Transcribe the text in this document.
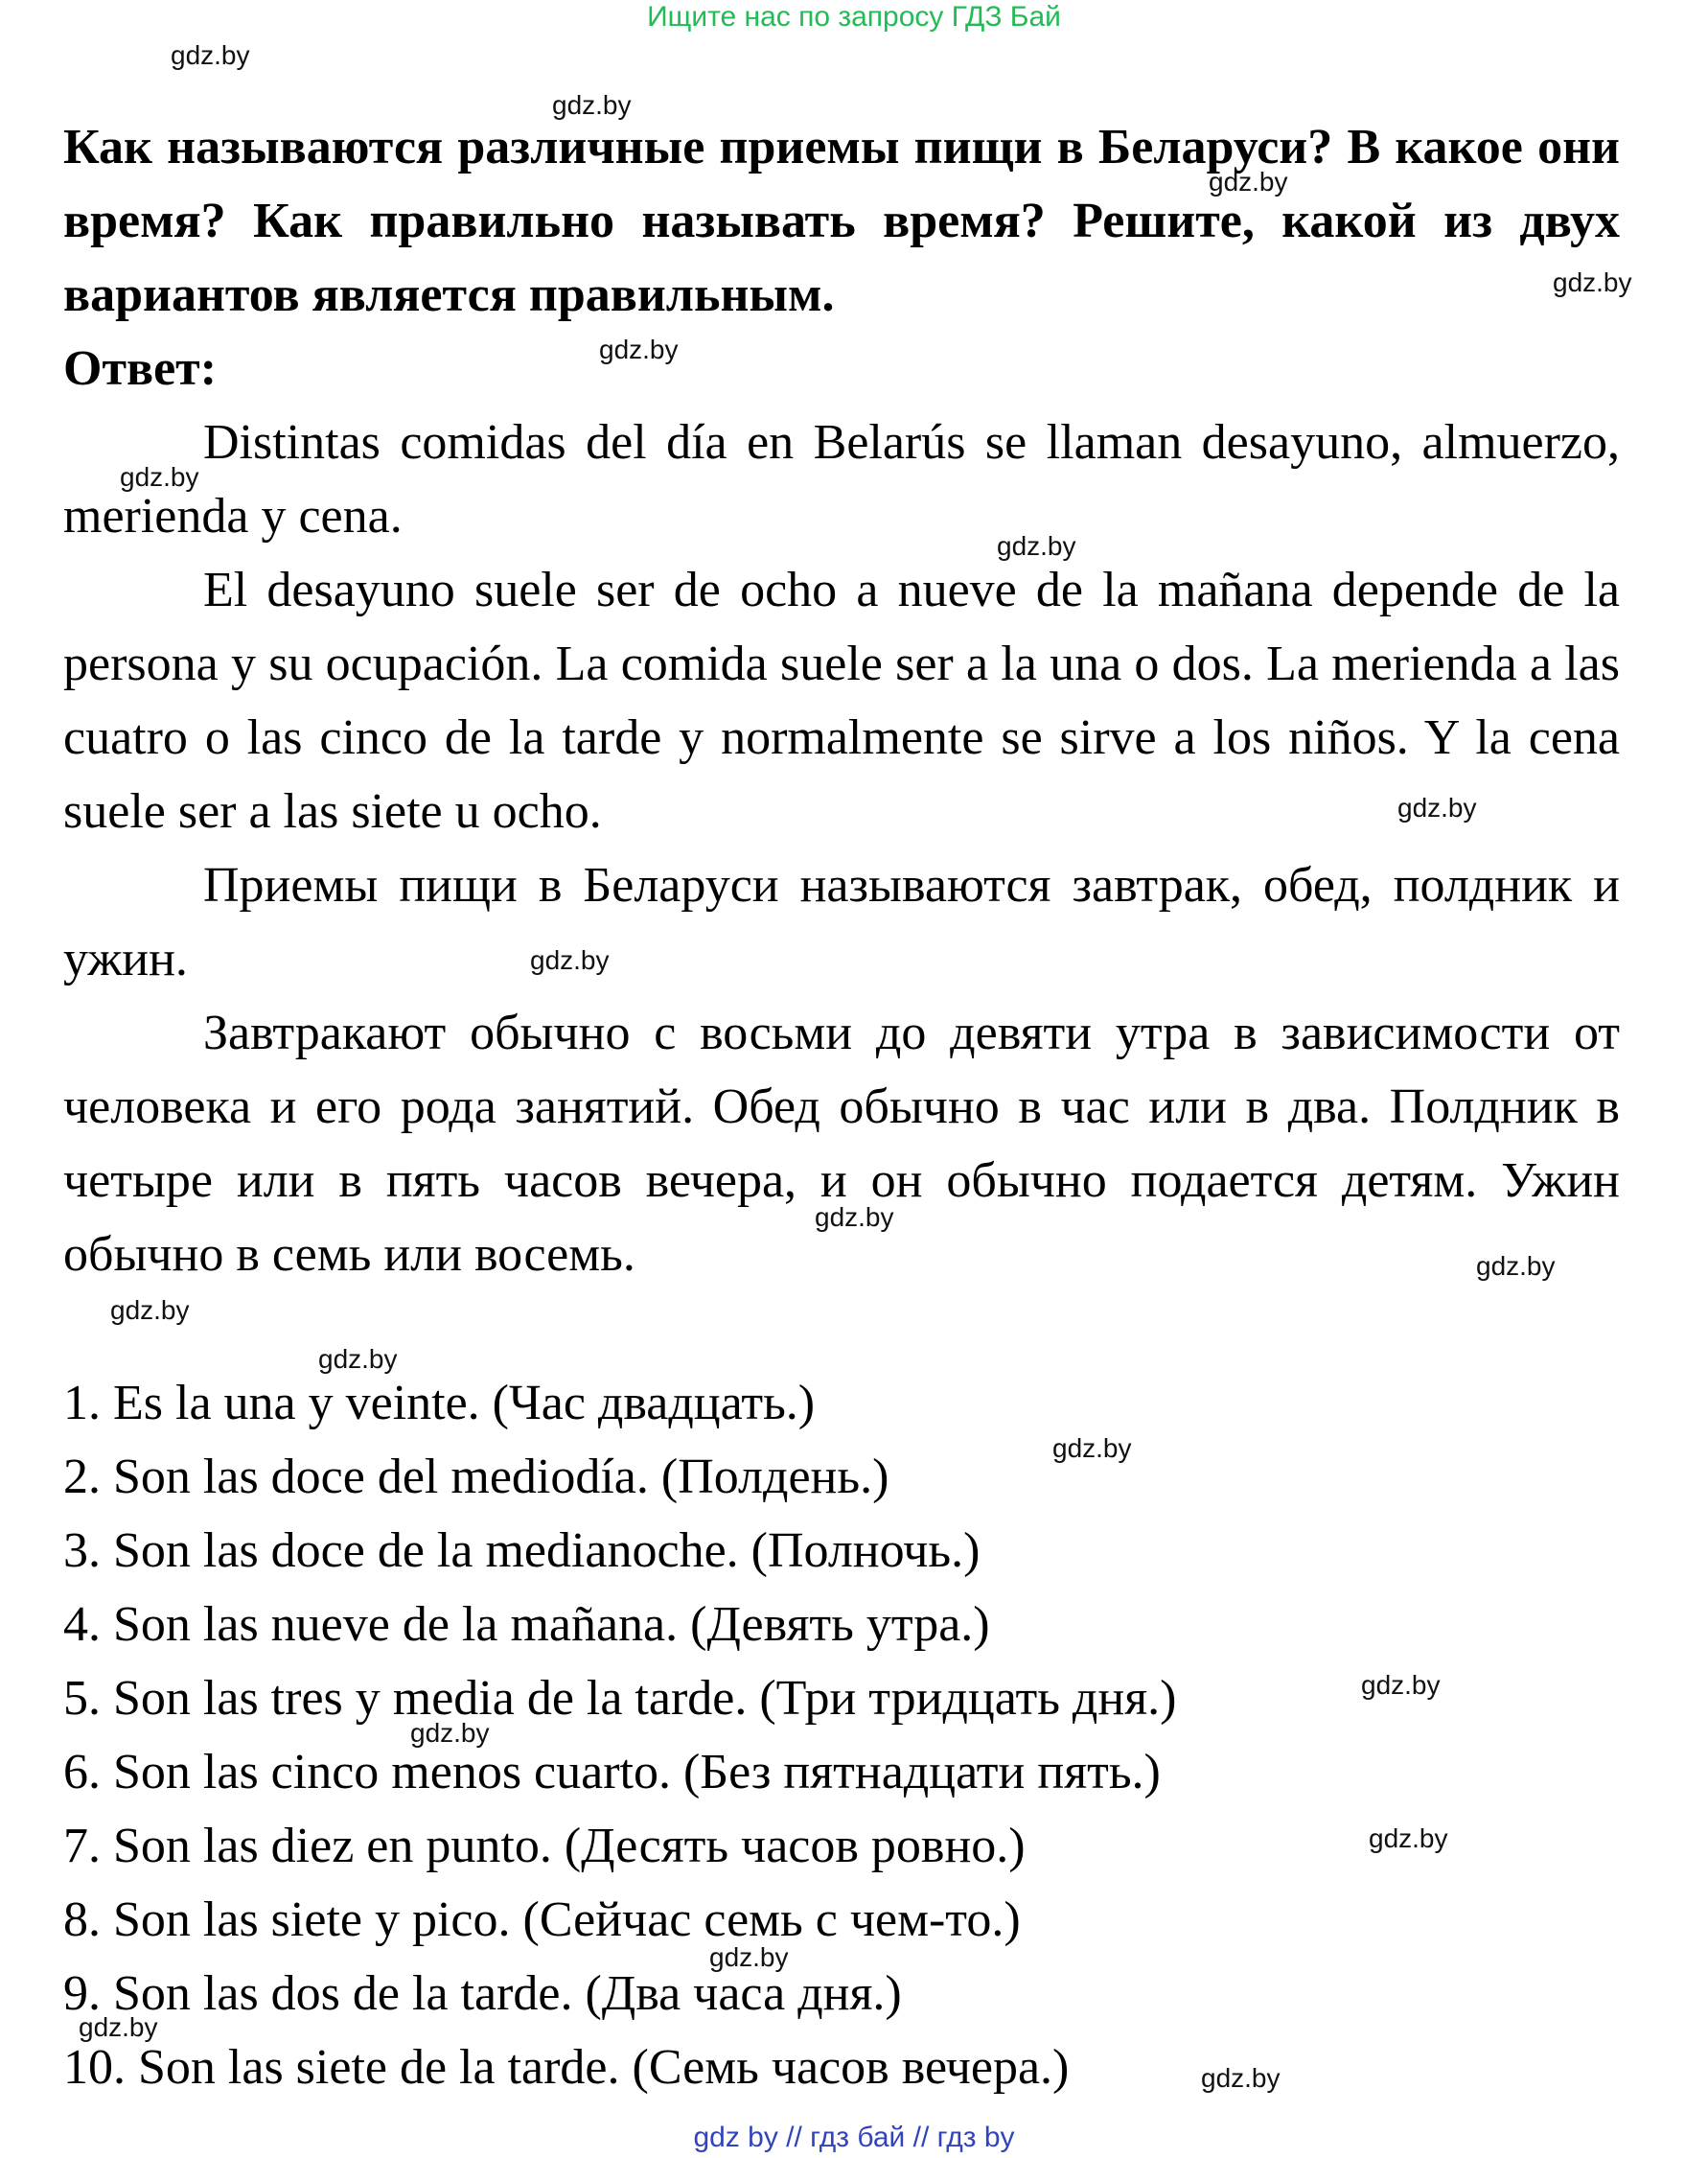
Ищите нас по запросу ГДЗ Бай

Как называются различные приемы пищи в Беларуси? В какое они время? Как правильно называть время? Решите, какой из двух вариантов является правильным.

Ответ:

Distintas comidas del día en Belarús se llaman desayuno, almuerzo, merienda y cena.

El desayuno suele ser de ocho a nueve de la mañana depende de la persona y su ocupación. La comida suele ser a la una o dos. La merienda a las cuatro o las cinco de la tarde y normalmente se sirve a los niños. Y la cena suele ser a las siete u ocho.

Приемы пищи в Беларуси называются завтрак, обед, полдник и ужин.

Завтракают обычно с восьми до девяти утра в зависимости от человека и его рода занятий. Обед обычно в час или в два. Полдник в четыре или в пять часов вечера, и он обычно подается детям. Ужин обычно в семь или восемь.

1. Es la una y veinte. (Час двадцать.)
2. Son las doce del mediodía. (Полдень.)
3. Son las doce de la medianoche. (Полночь.)
4. Son las nueve de la mañana. (Девять утра.)
5. Son las tres y media de la tarde. (Три тридцать дня.)
6. Son las cinco menos cuarto. (Без пятнадцати пять.)
7. Son las diez en punto. (Десять часов ровно.)
8. Son las siete y pico. (Сейчас семь с чем-то.)
9. Son las dos de la tarde. (Два часа дня.)
10. Son las siete de la tarde. (Семь часов вечера.)
gdz.by
gdz.by
gdz.by
gdz.by
gdz.by
gdz.by
gdz.by
gdz.by
gdz.by
gdz.by
gdz.by
gdz.by
gdz.by
gdz.by
gdz.by
gdz.by
gdz.by
gdz.by
gdz.by
gdz.by
gdz by // гдз бай // гдз by
